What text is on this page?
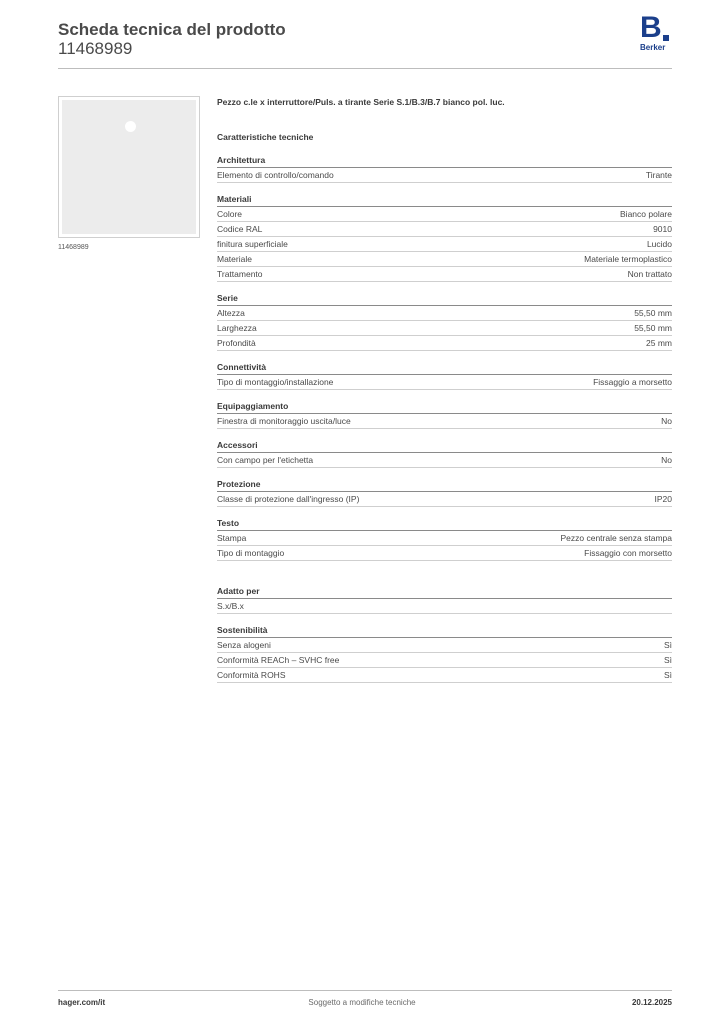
Scheda tecnica del prodotto
11468989
B
Berker
11468989
Pezzo c.le x interruttore/Puls. a tirante Serie S.1/B.3/B.7 bianco pol. luc.
Caratteristiche tecniche
Architettura
Elemento di controllo/comando	Tirante
Materiali
Colore	Bianco polare
Codice RAL	9010
finitura superficiale	Lucido
Materiale	Materiale termoplastico
Trattamento	Non trattato
Serie
Altezza	55,50 mm
Larghezza	55,50 mm
Profondità	25 mm
Connettività
Tipo di montaggio/installazione	Fissaggio a morsetto
Equipaggiamento
Finestra di monitoraggio uscita/luce	No
Accessori
Con campo per l'etichetta	No
Protezione
Classe di protezione dall'ingresso (IP)	IP20
Testo
Stampa	Pezzo centrale senza stampa
Tipo di montaggio	Fissaggio con morsetto
Adatto per
S.x/B.x
Sostenibilità
Senza alogeni	Sì
Conformità REACh – SVHC free	Sì
Conformità ROHS	Sì
hager.com/it	Soggetto a modifiche tecniche	20.12.2025
